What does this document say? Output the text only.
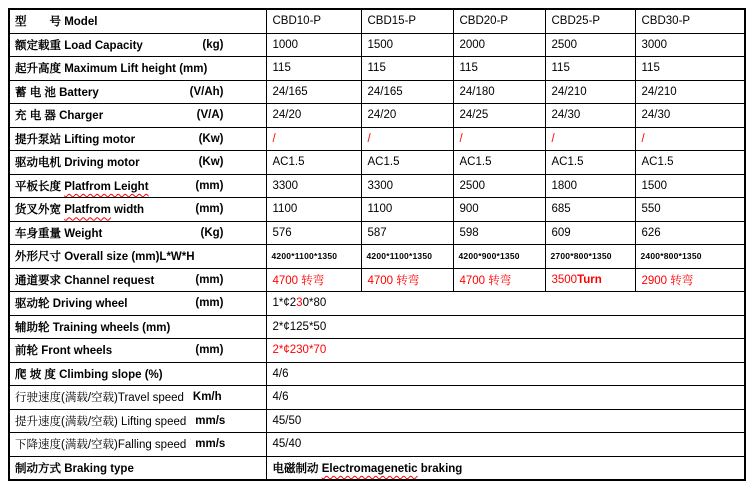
型　　号 Model	CBD10-P	CBD15-P	CBD20-P	CBD25-P	CBD30-P

额定载重 Load Capacity (kg)	1000	1500	2000	2500	3000

起升高度 Maximum Lift height (mm)	115	115	115	115	115

蓄 电 池 Battery (V/Ah)	24/165	24/165	24/180	24/210	24/210

充 电 器 Charger (V/A)	24/20	24/20	24/25	24/30	24/30

提升泵站 Lifting motor (Kw)	/	/	/	/	/

驱动电机 Driving motor (Kw)	AC1.5	AC1.5	AC1.5	AC1.5	AC1.5

平板长度 Platfrom Leight (mm)	3300	3300	2500	1800	1500

货叉外宽 Platfrom width (mm)	1100	1100	900	685	550

车身重量 Weight (Kg)	576	587	598	609	626

外形尺寸 Overall size (mm)L*W*H	4200*1100*1350	4200*1100*1350	4200*900*1350	2700*800*1350	2400*800*1350

通道要求 Channel request (mm)	4700 转弯	4700 转弯	4700 转弯	3500Turn	2900 转弯

驱动轮 Driving wheel (mm)	1*¢230*80				

辅助轮 Training wheels (mm)	2*¢125*50				

前轮 Front wheels (mm)	2*¢230*70				

爬 坡 度 Climbing slope (%)	4/6				

行驶速度(满载/空载)Travel speed Km/h	4/6				

提升速度(满载/空载) Lifting speed mm/s	45/50				

下降速度(满载/空载)Falling speed mm/s	45/40				

制动方式 Braking type	电磁制动 Electromagenetic braking				
